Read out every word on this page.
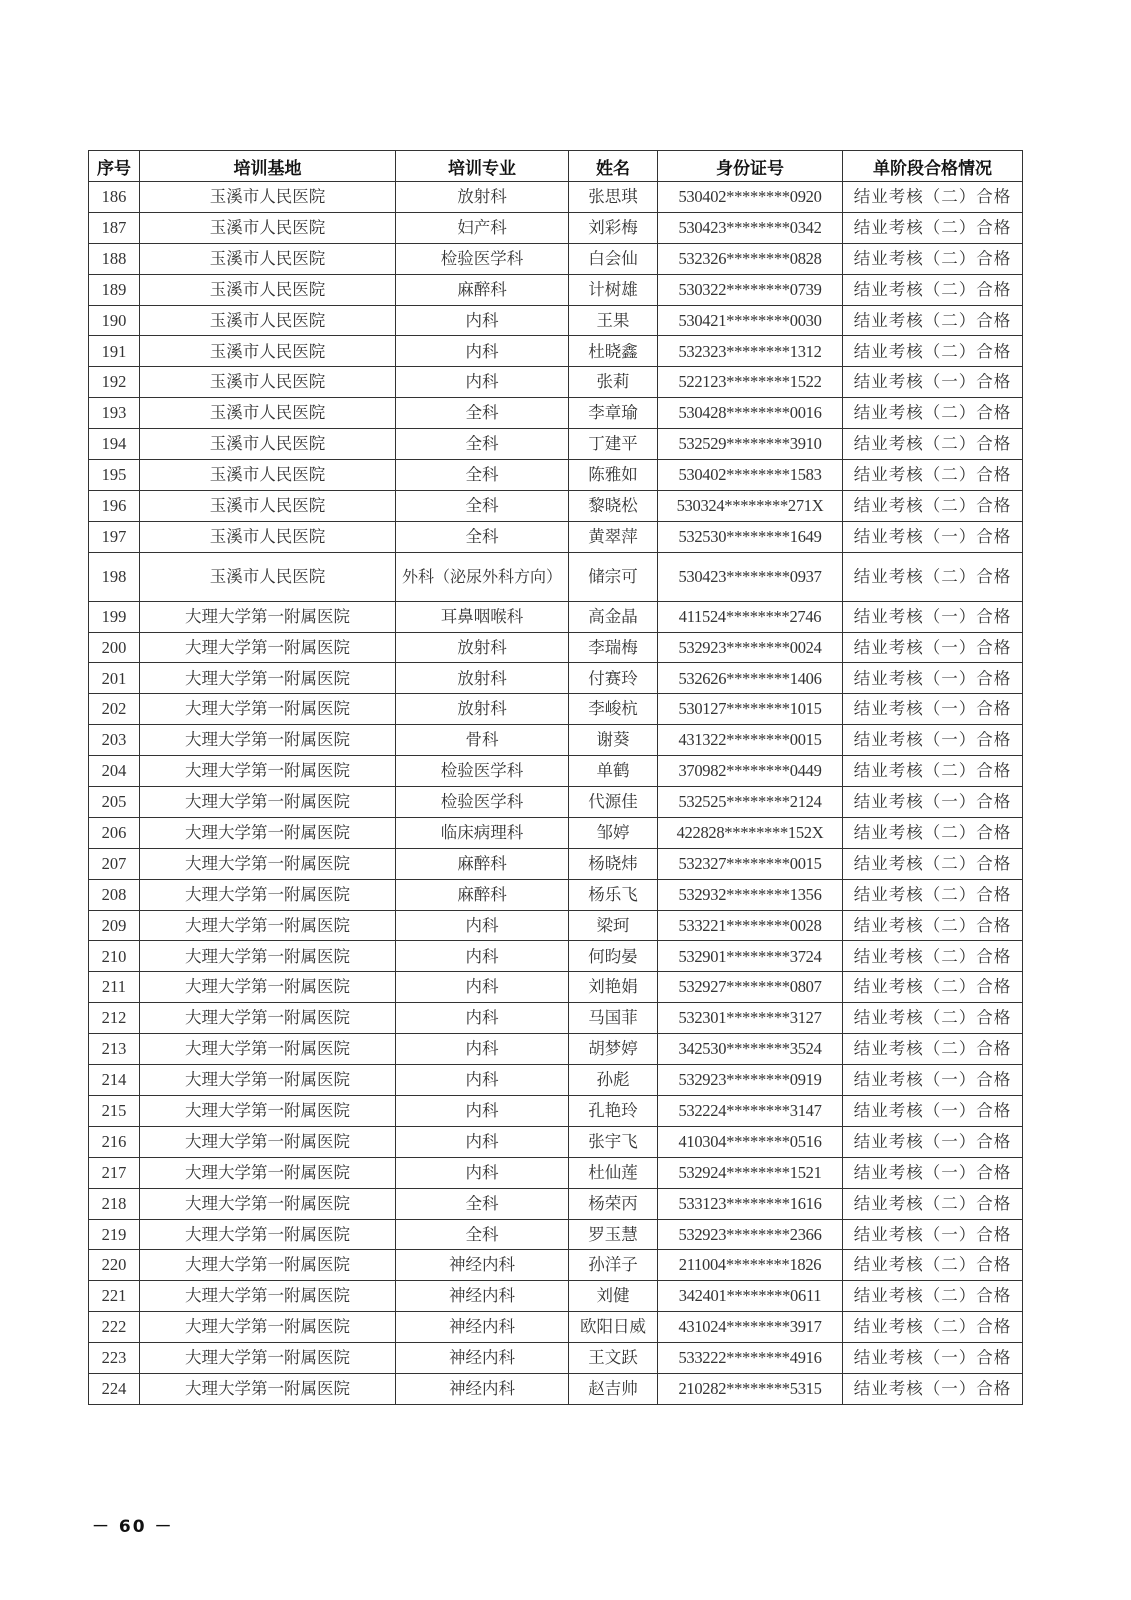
序号	培训基地	培训专业	姓名	身份证号	单阶段合格情况
186	玉溪市人民医院	放射科	张思琪	530402********0920	结业考核（二）合格
187	玉溪市人民医院	妇产科	刘彩梅	530423********0342	结业考核（二）合格
188	玉溪市人民医院	检验医学科	白会仙	532326********0828	结业考核（二）合格
189	玉溪市人民医院	麻醉科	计树雄	530322********0739	结业考核（二）合格
190	玉溪市人民医院	内科	王果	530421********0030	结业考核（二）合格
191	玉溪市人民医院	内科	杜晓鑫	532323********1312	结业考核（二）合格
192	玉溪市人民医院	内科	张莉	522123********1522	结业考核（一）合格
193	玉溪市人民医院	全科	李章瑜	530428********0016	结业考核（二）合格
194	玉溪市人民医院	全科	丁建平	532529********3910	结业考核（二）合格
195	玉溪市人民医院	全科	陈雅如	530402********1583	结业考核（二）合格
196	玉溪市人民医院	全科	黎晓松	530324********271X	结业考核（二）合格
197	玉溪市人民医院	全科	黄翠萍	532530********1649	结业考核（一）合格
198	玉溪市人民医院	外科（泌尿外科方向）	储宗可	530423********0937	结业考核（二）合格
199	大理大学第一附属医院	耳鼻咽喉科	高金晶	411524********2746	结业考核（一）合格
200	大理大学第一附属医院	放射科	李瑞梅	532923********0024	结业考核（一）合格
201	大理大学第一附属医院	放射科	付赛玲	532626********1406	结业考核（一）合格
202	大理大学第一附属医院	放射科	李峻杭	530127********1015	结业考核（一）合格
203	大理大学第一附属医院	骨科	谢葵	431322********0015	结业考核（一）合格
204	大理大学第一附属医院	检验医学科	单鹤	370982********0449	结业考核（二）合格
205	大理大学第一附属医院	检验医学科	代源佳	532525********2124	结业考核（一）合格
206	大理大学第一附属医院	临床病理科	邹婷	422828********152X	结业考核（二）合格
207	大理大学第一附属医院	麻醉科	杨晓炜	532327********0015	结业考核（二）合格
208	大理大学第一附属医院	麻醉科	杨乐飞	532932********1356	结业考核（二）合格
209	大理大学第一附属医院	内科	梁珂	533221********0028	结业考核（二）合格
210	大理大学第一附属医院	内科	何昀晏	532901********3724	结业考核（二）合格
211	大理大学第一附属医院	内科	刘艳娟	532927********0807	结业考核（二）合格
212	大理大学第一附属医院	内科	马国菲	532301********3127	结业考核（二）合格
213	大理大学第一附属医院	内科	胡梦婷	342530********3524	结业考核（二）合格
214	大理大学第一附属医院	内科	孙彪	532923********0919	结业考核（一）合格
215	大理大学第一附属医院	内科	孔艳玲	532224********3147	结业考核（一）合格
216	大理大学第一附属医院	内科	张宇飞	410304********0516	结业考核（一）合格
217	大理大学第一附属医院	内科	杜仙莲	532924********1521	结业考核（一）合格
218	大理大学第一附属医院	全科	杨荣丙	533123********1616	结业考核（二）合格
219	大理大学第一附属医院	全科	罗玉慧	532923********2366	结业考核（一）合格
220	大理大学第一附属医院	神经内科	孙洋子	211004********1826	结业考核（二）合格
221	大理大学第一附属医院	神经内科	刘健	342401********0611	结业考核（二）合格
222	大理大学第一附属医院	神经内科	欧阳日威	431024********3917	结业考核（二）合格
223	大理大学第一附属医院	神经内科	王文跃	533222********4916	结业考核（一）合格
224	大理大学第一附属医院	神经内科	赵吉帅	210282********5315	结业考核（一）合格
－ 60 －
